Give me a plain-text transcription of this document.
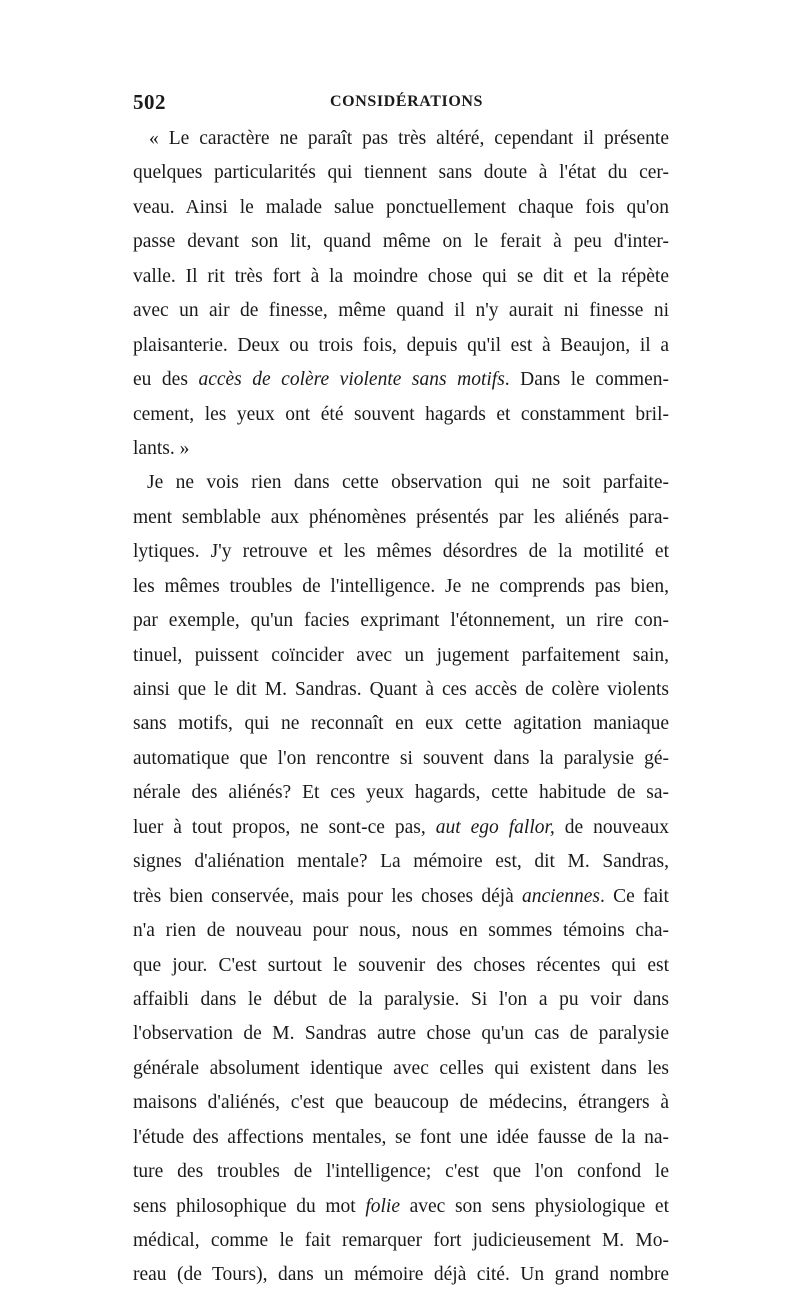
502	CONSIDÉRATIONS
« Le caractère ne paraît pas très altéré, cependant il présente
quelques particularités qui tiennent sans doute à l'état du cer-
veau. Ainsi le malade salue ponctuellement chaque fois qu'on
passe devant son lit, quand même on le ferait à peu d'inter-
valle. Il rit très fort à la moindre chose qui se dit et la répète
avec un air de finesse, même quand il n'y aurait ni finesse ni
plaisanterie. Deux ou trois fois, depuis qu'il est à Beaujon, il a
eu des accès de colère violente sans motifs. Dans le commen-
cement, les yeux ont été souvent hagards et constamment bril-
lants. »
Je ne vois rien dans cette observation qui ne soit parfaite-
ment semblable aux phénomènes présentés par les aliénés para-
lytiques. J'y retrouve et les mêmes désordres de la motilité et
les mêmes troubles de l'intelligence. Je ne comprends pas bien,
par exemple, qu'un facies exprimant l'étonnement, un rire con-
tinuel, puissent coïncider avec un jugement parfaitement sain,
ainsi que le dit M. Sandras. Quant à ces accès de colère violents
sans motifs, qui ne reconnaît en eux cette agitation maniaque
automatique que l'on rencontre si souvent dans la paralysie gé-
nérale des aliénés? Et ces yeux hagards, cette habitude de sa-
luer à tout propos, ne sont-ce pas, aut ego fallor, de nouveaux
signes d'aliénation mentale? La mémoire est, dit M. Sandras,
très bien conservée, mais pour les choses déjà anciennes. Ce fait
n'a rien de nouveau pour nous, nous en sommes témoins cha-
que jour. C'est surtout le souvenir des choses récentes qui est
affaibli dans le début de la paralysie. Si l'on a pu voir dans
l'observation de M. Sandras autre chose qu'un cas de paralysie
générale absolument identique avec celles qui existent dans les
maisons d'aliénés, c'est que beaucoup de médecins, étrangers à
l'étude des affections mentales, se font une idée fausse de la na-
ture des troubles de l'intelligence; c'est que l'on confond le
sens philosophique du mot folie avec son sens physiologique et
médical, comme le fait remarquer fort judicieusement M. Mo-
reau (de Tours), dans un mémoire déjà cité. Un grand nombre
